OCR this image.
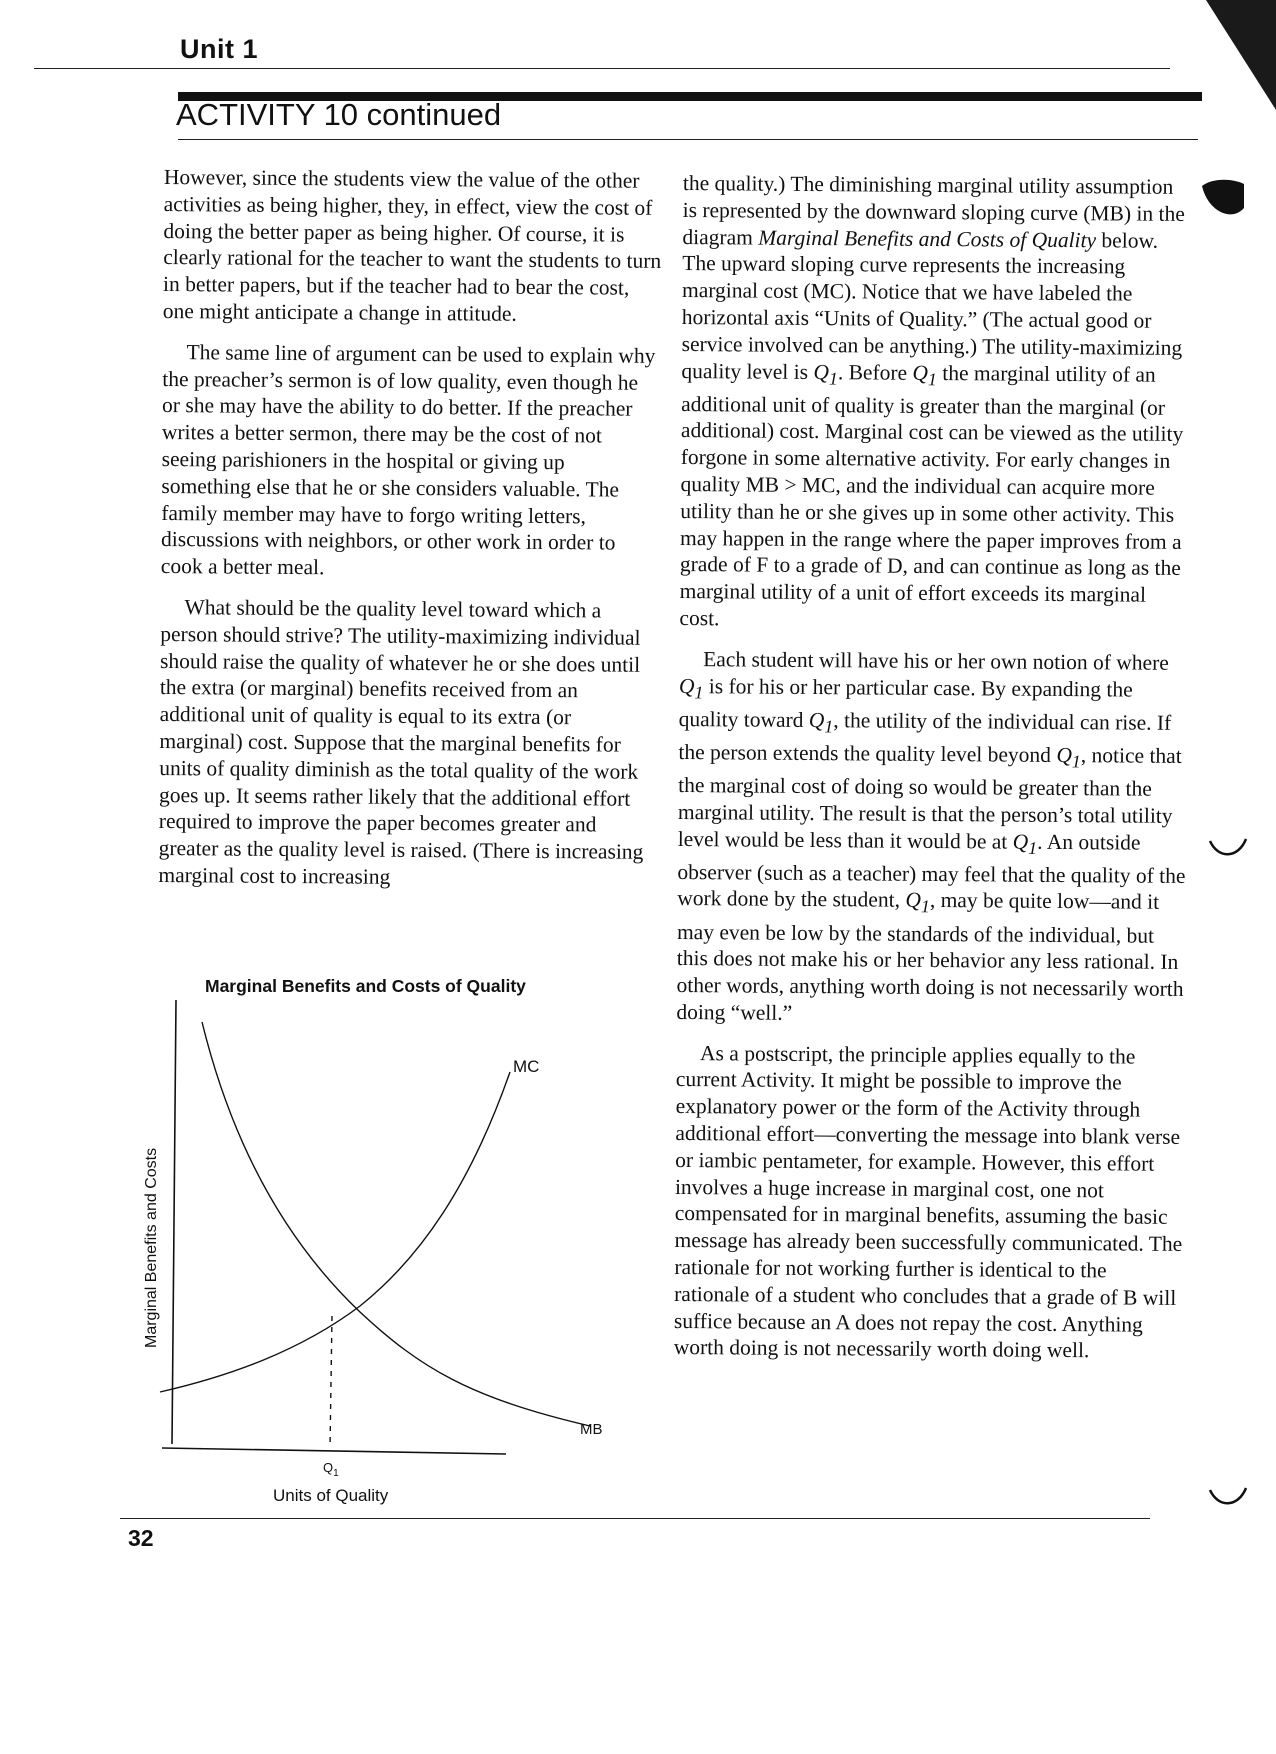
Unit 1
ACTIVITY 10 continued

However, since the students view the value of the other activities as being higher, they, in effect, view the cost of doing the better paper as being higher. Of course, it is clearly rational for the teacher to want the students to turn in better papers, but if the teacher had to bear the cost, one might anticipate a change in attitude.

The same line of argument can be used to explain why the preacher’s sermon is of low quality, even though he or she may have the ability to do better. If the preacher writes a better sermon, there may be the cost of not seeing parishioners in the hospital or giving up something else that he or she considers valuable. The family member may have to forgo writing letters, discussions with neighbors, or other work in order to cook a better meal.

What should be the quality level toward which a person should strive? The utility-maximizing individual should raise the quality of whatever he or she does until the extra (or marginal) benefits received from an additional unit of quality is equal to its extra (or marginal) cost. Suppose that the marginal benefits for units of quality diminish as the total quality of the work goes up. It seems rather likely that the additional effort required to improve the paper becomes greater and greater as the quality level is raised. (There is increasing marginal cost to increasing

the quality.) The diminishing marginal utility assumption is represented by the downward sloping curve (MB) in the diagram Marginal Benefits and Costs of Quality below. The upward sloping curve represents the increasing marginal cost (MC). Notice that we have labeled the horizontal axis “Units of Quality.” (The actual good or service involved can be anything.) The utility-maximizing quality level is $Q_1$. Before $Q_1$ the marginal utility of an additional unit of quality is greater than the marginal (or additional) cost. Marginal cost can be viewed as the utility forgone in some alternative activity. For early changes in quality MB > MC, and the individual can acquire more utility than he or she gives up in some other activity. This may happen in the range where the paper improves from a grade of F to a grade of D, and can continue as long as the marginal utility of a unit of effort exceeds its marginal cost.

Each student will have his or her own notion of where $Q_1$ is for his or her particular case. By expanding the quality toward $Q_1$, the utility of the individual can rise. If the person extends the quality level beyond $Q_1$, notice that the marginal cost of doing so would be greater than the marginal utility. The result is that the person’s total utility level would be less than it would be at $Q_1$. An outside observer (such as a teacher) may feel that the quality of the work done by the student, $Q_1$, may be quite low—and it may even be low by the standards of the individual, but this does not make his or her behavior any less rational. In other words, anything worth doing is not necessarily worth doing “well.”

As a postscript, the principle applies equally to the current Activity. It might be possible to improve the explanatory power or the form of the Activity through additional effort—converting the message into blank verse or iambic pentameter, for example. However, this effort involves a huge increase in marginal cost, one not compensated for in marginal benefits, assuming the basic message has already been successfully communicated. The rationale for not working further is identical to the rationale of a student who concludes that a grade of B will suffice because an A does not repay the cost. Anything worth doing is not necessarily worth doing well.

Marginal Benefits and Costs of Quality
MC
MB
$Q_1$
Units of Quality
Marginal Benefits and Costs
32
